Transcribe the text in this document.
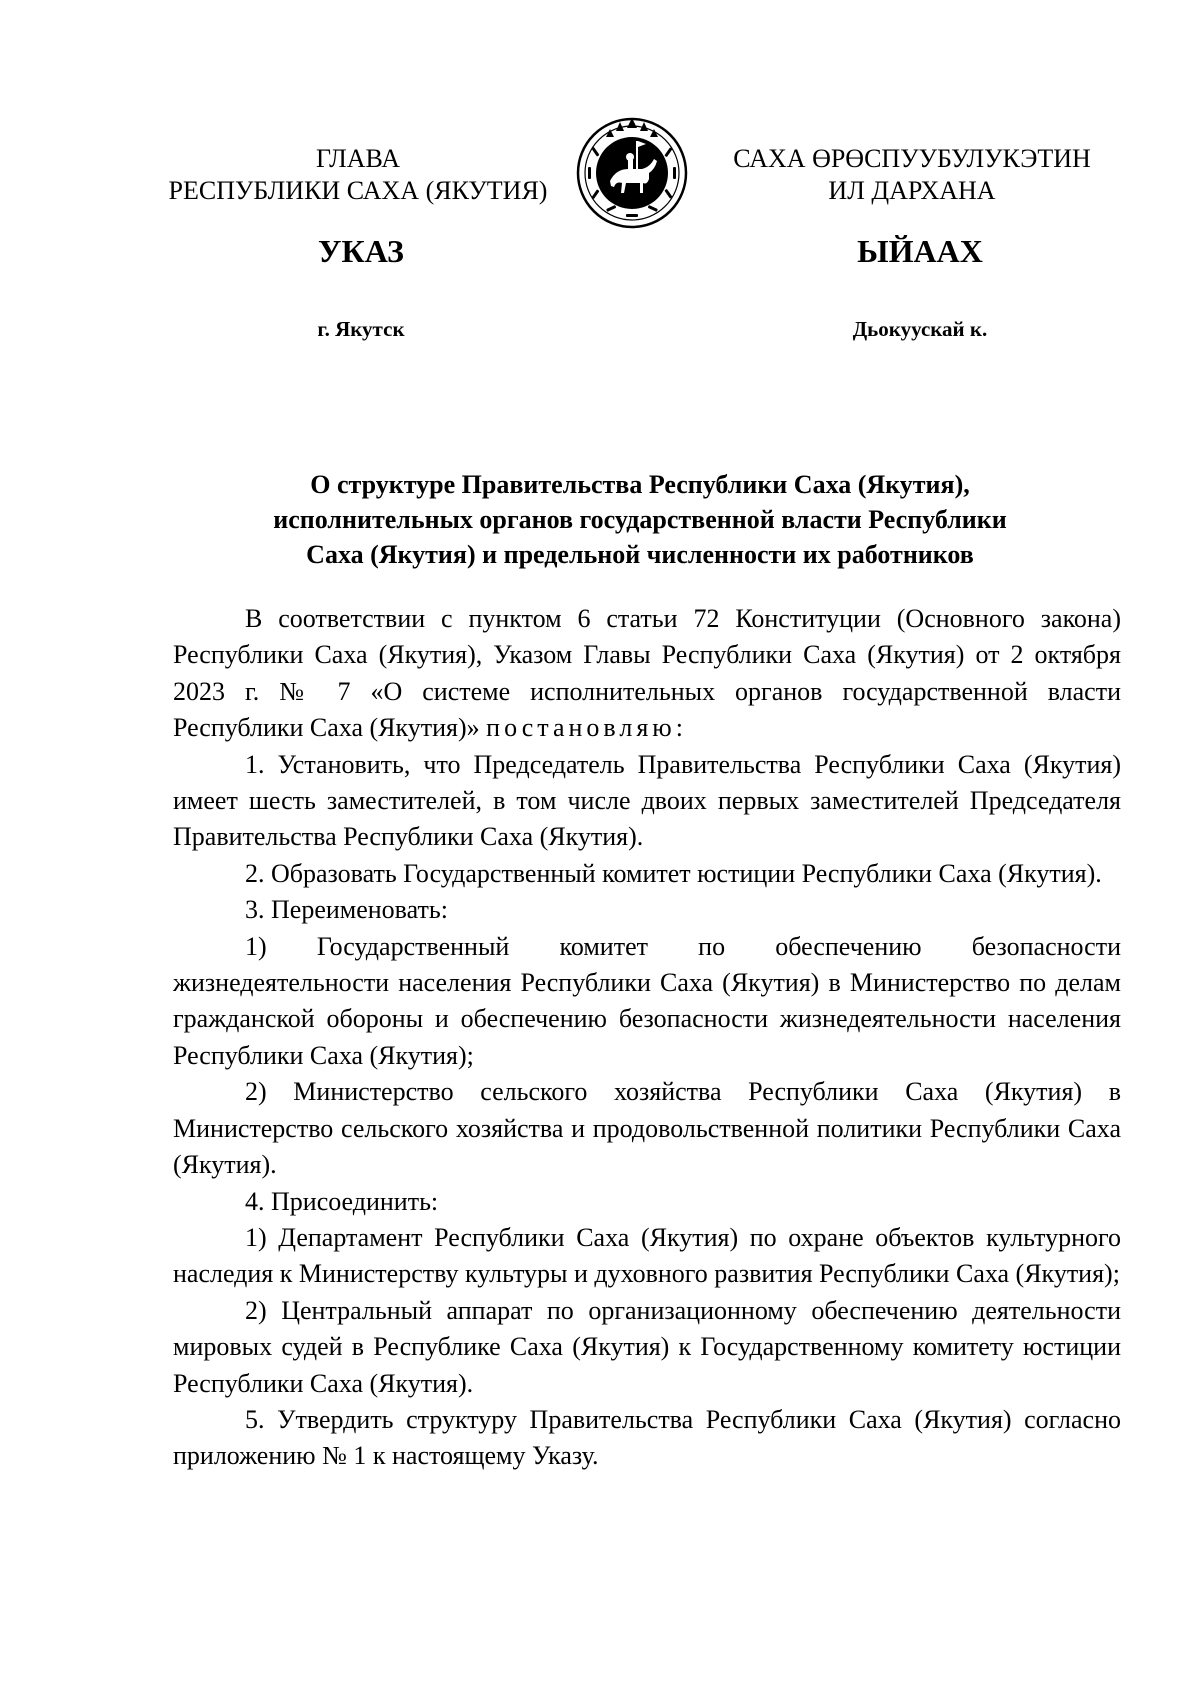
ГЛАВА
РЕСПУБЛИКИ САХА (ЯКУТИЯ)
САХА ӨРӨСПУУБУЛУКЭТИН
ИЛ ДАРХАНА
УКАЗ	ЫЙААХ
г. Якутск	Дьокуускай к.
О структуре Правительства Республики Саха (Якутия),
исполнительных органов государственной власти Республики
Саха (Якутия) и предельной численности их работников

В соответствии с пунктом 6 статьи 72 Конституции (Основного закона) Республики Саха (Якутия), Указом Главы Республики Саха (Якутия) от 2 октября 2023 г. № 7 «О системе исполнительных органов государственной власти Республики Саха (Якутия)» постановляю:

1. Установить, что Председатель Правительства Республики Саха (Якутия) имеет шесть заместителей, в том числе двоих первых заместителей Председателя Правительства Республики Саха (Якутия).

2. Образовать Государственный комитет юстиции Республики Саха (Якутия).

3. Переименовать:

1) Государственный комитет по обеспечению безопасности жизнедеятельности населения Республики Саха (Якутия) в Министерство по делам гражданской обороны и обеспечению безопасности жизнедеятельности населения Республики Саха (Якутия);

2) Министерство сельского хозяйства Республики Саха (Якутия) в Министерство сельского хозяйства и продовольственной политики Республики Саха (Якутия).

4. Присоединить:

1) Департамент Республики Саха (Якутия) по охране объектов культурного наследия к Министерству культуры и духовного развития Республики Саха (Якутия);

2) Центральный аппарат по организационному обеспечению деятельности мировых судей в Республике Саха (Якутия) к Государственному комитету юстиции Республики Саха (Якутия).

5. Утвердить структуру Правительства Республики Саха (Якутия) согласно приложению № 1 к настоящему Указу.
